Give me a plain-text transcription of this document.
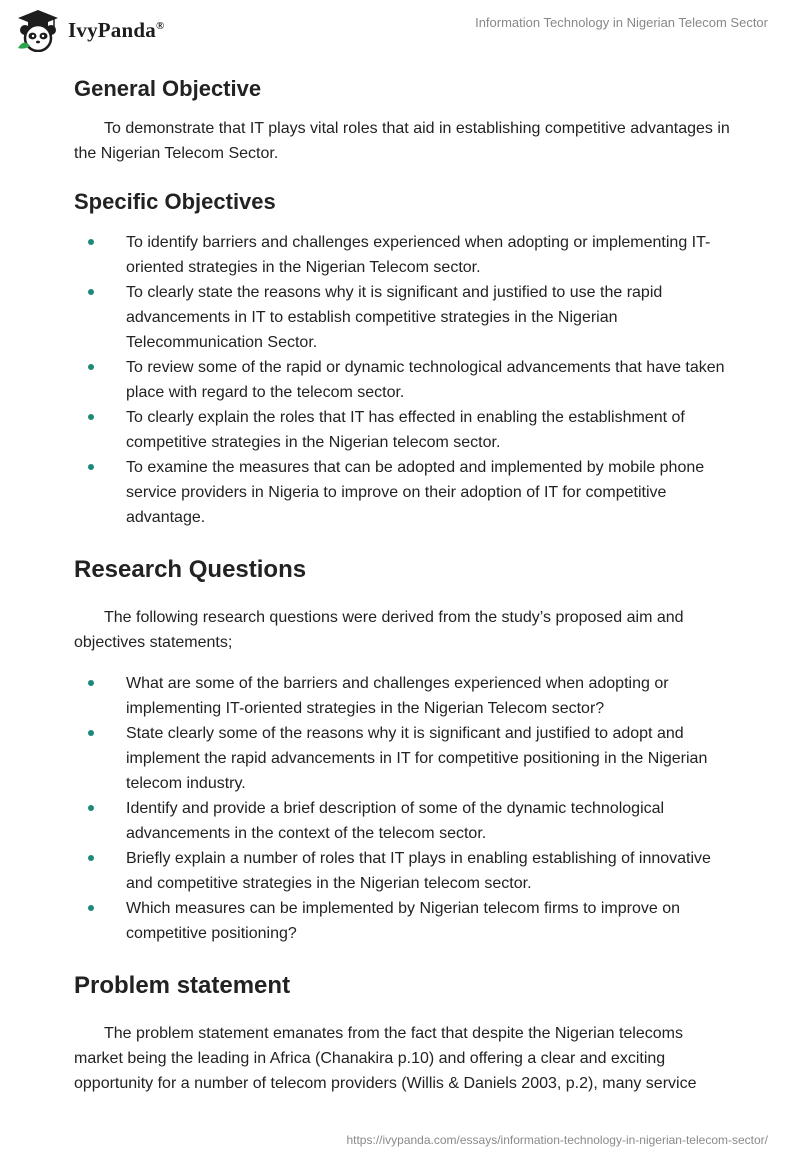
IvyPanda®	Information Technology in Nigerian Telecom Sector
General Objective

To demonstrate that IT plays vital roles that aid in establishing competitive advantages in the Nigerian Telecom Sector.

Specific Objectives
To identify barriers and challenges experienced when adopting or implementing IT-oriented strategies in the Nigerian Telecom sector.
To clearly state the reasons why it is significant and justified to use the rapid advancements in IT to establish competitive strategies in the Nigerian Telecommunication Sector.
To review some of the rapid or dynamic technological advancements that have taken place with regard to the telecom sector.
To clearly explain the roles that IT has effected in enabling the establishment of competitive strategies in the Nigerian telecom sector.
To examine the measures that can be adopted and implemented by mobile phone service providers in Nigeria to improve on their adoption of IT for competitive advantage.
Research Questions

The following research questions were derived from the study’s proposed aim and objectives statements;

What are some of the barriers and challenges experienced when adopting or implementing IT-oriented strategies in the Nigerian Telecom sector?
State clearly some of the reasons why it is significant and justified to adopt and implement the rapid advancements in IT for competitive positioning in the Nigerian telecom industry.
Identify and provide a brief description of some of the dynamic technological advancements in the context of the telecom sector.
Briefly explain a number of roles that IT plays in enabling establishing of innovative and competitive strategies in the Nigerian telecom sector.
Which measures can be implemented by Nigerian telecom firms to improve on competitive positioning?
Problem statement

The problem statement emanates from the fact that despite the Nigerian telecoms market being the leading in Africa (Chanakira p.10) and offering a clear and exciting opportunity for a number of telecom providers (Willis & Daniels 2003, p.2), many service

https://ivypanda.com/essays/information-technology-in-nigerian-telecom-sector/
